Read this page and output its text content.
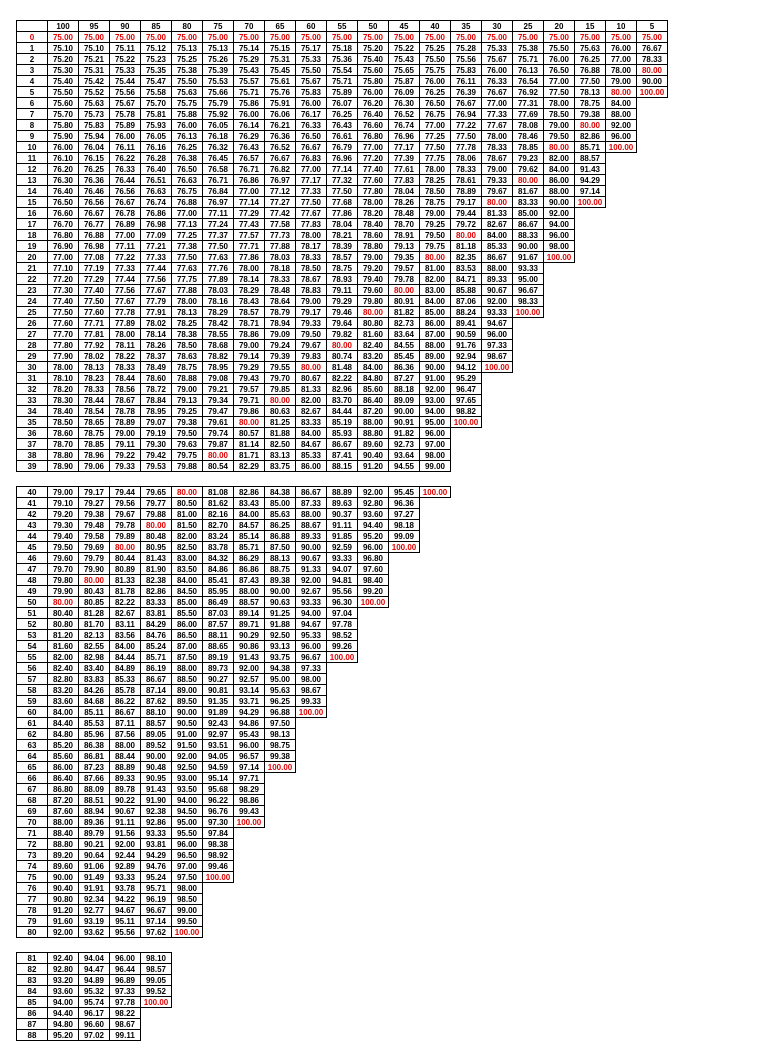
	100	95	90	85	80	75	70	65	60	55	50	45	40	35	30	25	20	15	10	5
0	75.00	75.00	75.00	75.00	75.00	75.00	75.00	75.00	75.00	75.00	75.00	75.00	75.00	75.00	75.00	75.00	75.00	75.00	75.00	75.00
1	75.10	75.10	75.11	75.12	75.13	75.13	75.14	75.15	75.17	75.18	75.20	75.22	75.25	75.28	75.33	75.38	75.50	75.63	76.00	76.67
2	75.20	75.21	75.22	75.23	75.25	75.26	75.29	75.31	75.33	75.36	75.40	75.43	75.50	75.56	75.67	75.71	76.00	76.25	77.00	78.33
3	75.30	75.31	75.33	75.35	75.38	75.39	75.43	75.45	75.50	75.54	75.60	75.65	75.75	75.83	76.00	76.13	76.50	76.88	78.00	80.00
4	75.40	75.42	75.44	75.47	75.50	75.53	75.57	75.61	75.67	75.71	75.80	75.87	76.00	76.11	76.33	76.54	77.00	77.50	79.00	90.00
5	75.50	75.52	75.56	75.58	75.63	75.66	75.71	75.76	75.83	75.89	76.00	76.09	76.25	76.39	76.67	76.92	77.50	78.13	80.00	100.00
6	75.60	75.63	75.67	75.70	75.75	75.79	75.86	75.91	76.00	76.07	76.20	76.30	76.50	76.67	77.00	77.31	78.00	78.75	84.00	
7	75.70	75.73	75.78	75.81	75.88	75.92	76.00	76.06	76.17	76.25	76.40	76.52	76.75	76.94	77.33	77.69	78.50	79.38	88.00	
8	75.80	75.83	75.89	75.93	76.00	76.05	76.14	76.21	76.33	76.43	76.60	76.74	77.00	77.22	77.67	78.08	79.00	80.00	92.00	
9	75.90	75.94	76.00	76.05	76.13	76.18	76.29	76.36	76.50	76.61	76.80	76.96	77.25	77.50	78.00	78.46	79.50	82.86	96.00	
10	76.00	76.04	76.11	76.16	76.25	76.32	76.43	76.52	76.67	76.79	77.00	77.17	77.50	77.78	78.33	78.85	80.00	85.71	100.00	
11	76.10	76.15	76.22	76.28	76.38	76.45	76.57	76.67	76.83	76.96	77.20	77.39	77.75	78.06	78.67	79.23	82.00	88.57		
12	76.20	76.25	76.33	76.40	76.50	76.58	76.71	76.82	77.00	77.14	77.40	77.61	78.00	78.33	79.00	79.62	84.00	91.43		
13	76.30	76.36	76.44	76.51	76.63	76.71	76.86	76.97	77.17	77.32	77.60	77.83	78.25	78.61	79.33	80.00	86.00	94.29		
14	76.40	76.46	76.56	76.63	76.75	76.84	77.00	77.12	77.33	77.50	77.80	78.04	78.50	78.89	79.67	81.67	88.00	97.14		
15	76.50	76.56	76.67	76.74	76.88	76.97	77.14	77.27	77.50	77.68	78.00	78.26	78.75	79.17	80.00	83.33	90.00	100.00		
16	76.60	76.67	76.78	76.86	77.00	77.11	77.29	77.42	77.67	77.86	78.20	78.48	79.00	79.44	81.33	85.00	92.00			
17	76.70	76.77	76.89	76.98	77.13	77.24	77.43	77.58	77.83	78.04	78.40	78.70	79.25	79.72	82.67	86.67	94.00			
18	76.80	76.88	77.00	77.09	77.25	77.37	77.57	77.73	78.00	78.21	78.60	78.91	79.50	80.00	84.00	88.33	96.00			
19	76.90	76.98	77.11	77.21	77.38	77.50	77.71	77.88	78.17	78.39	78.80	79.13	79.75	81.18	85.33	90.00	98.00			
20	77.00	77.08	77.22	77.33	77.50	77.63	77.86	78.03	78.33	78.57	79.00	79.35	80.00	82.35	86.67	91.67	100.00			
21	77.10	77.19	77.33	77.44	77.63	77.76	78.00	78.18	78.50	78.75	79.20	79.57	81.00	83.53	88.00	93.33				
22	77.20	77.29	77.44	77.56	77.75	77.89	78.14	78.33	78.67	78.93	79.40	79.78	82.00	84.71	89.33	95.00				
23	77.30	77.40	77.56	77.67	77.88	78.03	78.29	78.48	78.83	79.11	79.60	80.00	83.00	85.88	90.67	96.67				
24	77.40	77.50	77.67	77.79	78.00	78.16	78.43	78.64	79.00	79.29	79.80	80.91	84.00	87.06	92.00	98.33				
25	77.50	77.60	77.78	77.91	78.13	78.29	78.57	78.79	79.17	79.46	80.00	81.82	85.00	88.24	93.33	100.00				
26	77.60	77.71	77.89	78.02	78.25	78.42	78.71	78.94	79.33	79.64	80.80	82.73	86.00	89.41	94.67					
27	77.70	77.81	78.00	78.14	78.38	78.55	78.86	79.09	79.50	79.82	81.60	83.64	87.00	90.59	96.00					
28	77.80	77.92	78.11	78.26	78.50	78.68	79.00	79.24	79.67	80.00	82.40	84.55	88.00	91.76	97.33					
29	77.90	78.02	78.22	78.37	78.63	78.82	79.14	79.39	79.83	80.74	83.20	85.45	89.00	92.94	98.67					
30	78.00	78.13	78.33	78.49	78.75	78.95	79.29	79.55	80.00	81.48	84.00	86.36	90.00	94.12	100.00					
31	78.10	78.23	78.44	78.60	78.88	79.08	79.43	79.70	80.67	82.22	84.80	87.27	91.00	95.29						
32	78.20	78.33	78.56	78.72	79.00	79.21	79.57	79.85	81.33	82.96	85.60	88.18	92.00	96.47						
33	78.30	78.44	78.67	78.84	79.13	79.34	79.71	80.00	82.00	83.70	86.40	89.09	93.00	97.65						
34	78.40	78.54	78.78	78.95	79.25	79.47	79.86	80.63	82.67	84.44	87.20	90.00	94.00	98.82						
35	78.50	78.65	78.89	79.07	79.38	79.61	80.00	81.25	83.33	85.19	88.00	90.91	95.00	100.00						
36	78.60	78.75	79.00	79.19	79.50	79.74	80.57	81.88	84.00	85.93	88.80	91.82	96.00							
37	78.70	78.85	79.11	79.30	79.63	79.87	81.14	82.50	84.67	86.67	89.60	92.73	97.00							
38	78.80	78.96	79.22	79.42	79.75	80.00	81.71	83.13	85.33	87.41	90.40	93.64	98.00							
39	78.90	79.06	79.33	79.53	79.88	80.54	82.29	83.75	86.00	88.15	91.20	94.55	99.00							
40	79.00	79.17	79.44	79.65	80.00	81.08	82.86	84.38	86.67	88.89	92.00	95.45	100.00
41	79.10	79.27	79.56	79.77	80.50	81.62	83.43	85.00	87.33	89.63	92.80	96.36	
42	79.20	79.38	79.67	79.88	81.00	82.16	84.00	85.63	88.00	90.37	93.60	97.27	
43	79.30	79.48	79.78	80.00	81.50	82.70	84.57	86.25	88.67	91.11	94.40	98.18	
44	79.40	79.58	79.89	80.48	82.00	83.24	85.14	86.88	89.33	91.85	95.20	99.09	
45	79.50	79.69	80.00	80.95	82.50	83.78	85.71	87.50	90.00	92.59	96.00	100.00	
46	79.60	79.79	80.44	81.43	83.00	84.32	86.29	88.13	90.67	93.33	96.80		
47	79.70	79.90	80.89	81.90	83.50	84.86	86.86	88.75	91.33	94.07	97.60		
48	79.80	80.00	81.33	82.38	84.00	85.41	87.43	89.38	92.00	94.81	98.40		
49	79.90	80.43	81.78	82.86	84.50	85.95	88.00	90.00	92.67	95.56	99.20		
50	80.00	80.85	82.22	83.33	85.00	86.49	88.57	90.63	93.33	96.30	100.00		
51	80.40	81.28	82.67	83.81	85.50	87.03	89.14	91.25	94.00	97.04			
52	80.80	81.70	83.11	84.29	86.00	87.57	89.71	91.88	94.67	97.78			
53	81.20	82.13	83.56	84.76	86.50	88.11	90.29	92.50	95.33	98.52			
54	81.60	82.55	84.00	85.24	87.00	88.65	90.86	93.13	96.00	99.26			
55	82.00	82.98	84.44	85.71	87.50	89.19	91.43	93.75	96.67	100.00			
56	82.40	83.40	84.89	86.19	88.00	89.73	92.00	94.38	97.33				
57	82.80	83.83	85.33	86.67	88.50	90.27	92.57	95.00	98.00				
58	83.20	84.26	85.78	87.14	89.00	90.81	93.14	95.63	98.67				
59	83.60	84.68	86.22	87.62	89.50	91.35	93.71	96.25	99.33				
60	84.00	85.11	86.67	88.10	90.00	91.89	94.29	96.88	100.00				
61	84.40	85.53	87.11	88.57	90.50	92.43	94.86	97.50					
62	84.80	85.96	87.56	89.05	91.00	92.97	95.43	98.13					
63	85.20	86.38	88.00	89.52	91.50	93.51	96.00	98.75					
64	85.60	86.81	88.44	90.00	92.00	94.05	96.57	99.38					
65	86.00	87.23	88.89	90.48	92.50	94.59	97.14	100.00					
66	86.40	87.66	89.33	90.95	93.00	95.14	97.71						
67	86.80	88.09	89.78	91.43	93.50	95.68	98.29						
68	87.20	88.51	90.22	91.90	94.00	96.22	98.86						
69	87.60	88.94	90.67	92.38	94.50	96.76	99.43						
70	88.00	89.36	91.11	92.86	95.00	97.30	100.00						
71	88.40	89.79	91.56	93.33	95.50	97.84							
72	88.80	90.21	92.00	93.81	96.00	98.38							
73	89.20	90.64	92.44	94.29	96.50	98.92							
74	89.60	91.06	92.89	94.76	97.00	99.46							
75	90.00	91.49	93.33	95.24	97.50	100.00							
76	90.40	91.91	93.78	95.71	98.00								
77	90.80	92.34	94.22	96.19	98.50								
78	91.20	92.77	94.67	96.67	99.00								
79	91.60	93.19	95.11	97.14	99.50								
80	92.00	93.62	95.56	97.62	100.00								
81	92.40	94.04	96.00	98.10
82	92.80	94.47	96.44	98.57
83	93.20	94.89	96.89	99.05
84	93.60	95.32	97.33	99.52
85	94.00	95.74	97.78	100.00
86	94.40	96.17	98.22	
87	94.80	96.60	98.67	
88	95.20	97.02	99.11	
